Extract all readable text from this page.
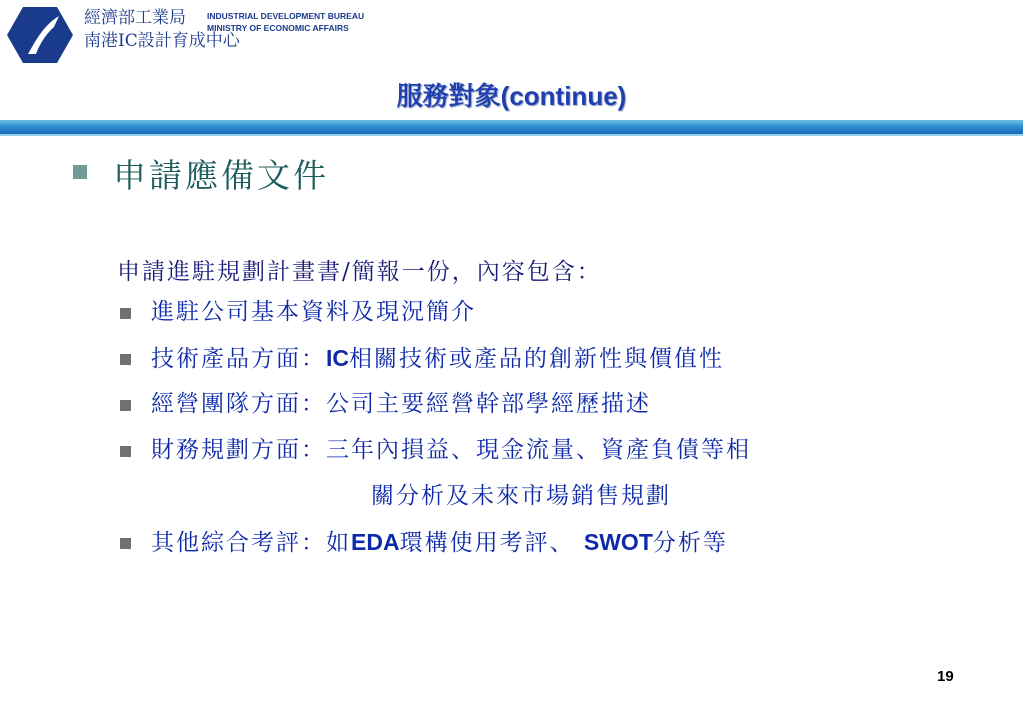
經濟部工業局
南港IC設計育成中心
INDUSTRIAL DEVELOPMENT BUREAU
MINISTRY OF ECONOMIC AFFAIRS
服務對象(continue)
申請應備文件
申請進駐規劃計畫書/簡報一份，內容包含：
進駐公司基本資料及現況簡介
技術產品方面：IC相關技術或產品的創新性與價值性
經營團隊方面：公司主要經營幹部學經歷描述
財務規劃方面：三年內損益、現金流量、資產負債等相
關分析及未來市場銷售規劃
其他綜合考評：如EDA環構使用考評、 SWOT分析等
19
